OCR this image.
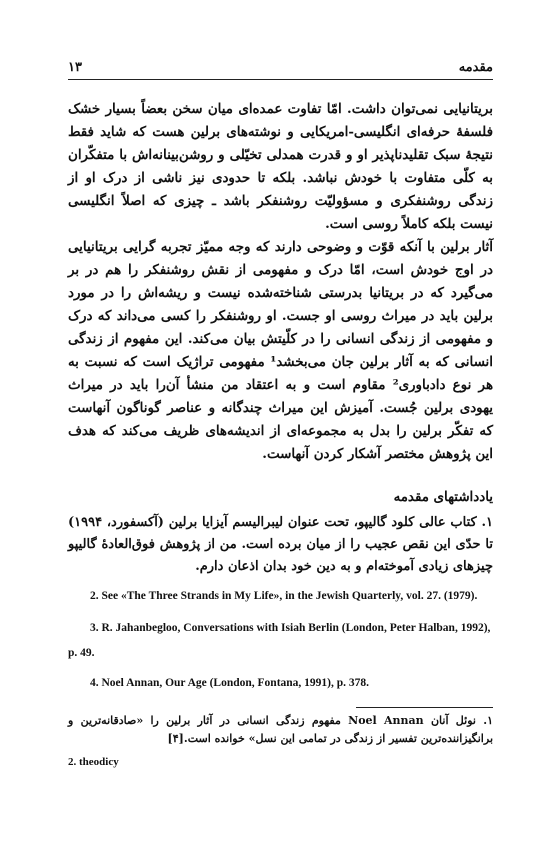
۱۳	مقدمه

بریتانیایی نمی‌توان داشت. امّا تفاوت عمده‌ای میان سخن بعضاً بسیار خشک فلسفهٔ حرفه‌ای انگلیسی-امریکایی و نوشته‌های برلین هست که شاید فقط نتیجهٔ سبک تقلیدناپذیر او و قدرت همدلی تخیّلی و روشن‌بینانه‌اش با متفکّران به کلّی متفاوت با خودش نباشد. بلکه تا حدودی نیز ناشی از درک او از زندگی روشنفکری و مسؤولیّت روشنفکر باشد ـ چیزی که اصلاً انگلیسی نیست بلکه کاملاً روسی است.

آثار برلین با آنکه قوّت و وضوحی دارند که وجه ممیّز تجربه گرایی بریتانیایی در اوج خودش است، امّا درک و مفهومی از نقش روشنفکر را هم در بر می‌گیرد که در بریتانیا بدرستی شناخته‌شده نیست و ریشه‌اش را در مورد برلین باید در میراث روسی او جست. او روشنفکر را کسی می‌داند که درک و مفهومی از زندگی انسانی را در کلّیتش بیان می‌کند. این مفهوم از زندگی انسانی که به آثار برلین جان می‌بخشد¹ مفهومی تراژیک است که نسبت به هر نوع دادباوری² مقاوم است و به اعتقاد من منشأ آن‌را باید در میراث یهودی برلین جُست. آمیزش این میراث چندگانه و عناصر گوناگون آنهاست که تفکّر برلین را بدل به مجموعه‌ای از اندیشه‌های ظریف می‌کند که هدف این پژوهش مختصر آشکار کردن آنهاست.

یادداشتهای مقدمه

۱. کتاب عالی کلود گالیپو، تحت عنوان لیبرالیسم آیزایا برلین (آکسفورد، ۱۹۹۴) تا حدّی این نقص عجیب را از میان برده است. من از پژوهش فوق‌العادهٔ گالیپو چیزهای زیادی آموخته‌ام و به دین خود بدان اذعان دارم.

2. See «The Three Strands in My Life», in the Jewish Quarterly, vol. 27. (1979).

3. R. Jahanbegloo, Conversations with Isiah Berlin (London, Peter Halban, 1992),

p. 49.

4. Noel Annan, Our Age (London, Fontana, 1991), p. 378.

۱. نوئل آنان Noel Annan مفهوم زندگی انسانی در آثار برلین را «صادقانه‌ترین و برانگیزاننده‌ترین تفسیر از زندگی در تمامی این نسل» خوانده است.[۴]

2. theodicy
